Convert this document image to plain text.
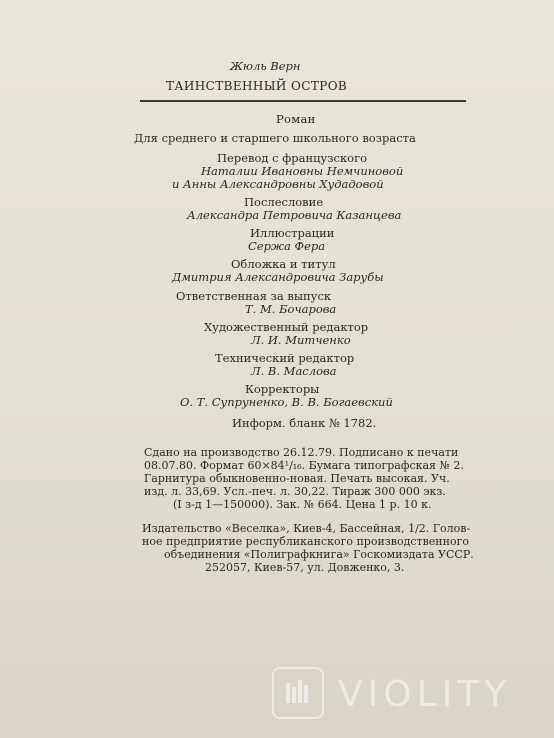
Жюль Верн
ТАИНСТВЕННЫЙ ОСТРОВ
Роман
Для среднего и старшего школьного возраста
Перевод с французского
Наталии Ивановны Немчиновой
и Анны Александровны Худадовой
Послесловие
Александра Петровича Казанцева
Иллюстрации
Сержа Фера
Обложка и титул
Дмитрия Александровича Зарубы
Ответственная за выпуск
Т. М. Бочарова
Художественный редактор
Л. И. Митченко
Технический редактор
Л. В. Маслова
Корректоры
О. Т. Супруненко, В. В. Богаевский
Информ. бланк № 1782.
Сдано на производство 26.12.79. Подписано к печати
08.07.80. Формат 60×84¹/₁₆. Бумага типографская № 2.
Гарнитура обыкновенно-новая. Печать высокая. Уч.
изд. л. 33,69. Усл.-печ. л. 30,22. Тираж 300 000 экз.
(I з-д 1—150000). Зак. № 664. Цена 1 р. 10 к.
Издательство «Веселка», Киев-4, Бассейная, 1/2. Голов-
ное предприятие республиканского производственного
объединения «Полиграфкнига» Госкомиздата УССР.
252057, Киев-57, ул. Довженко, 3.
VIOLITY
